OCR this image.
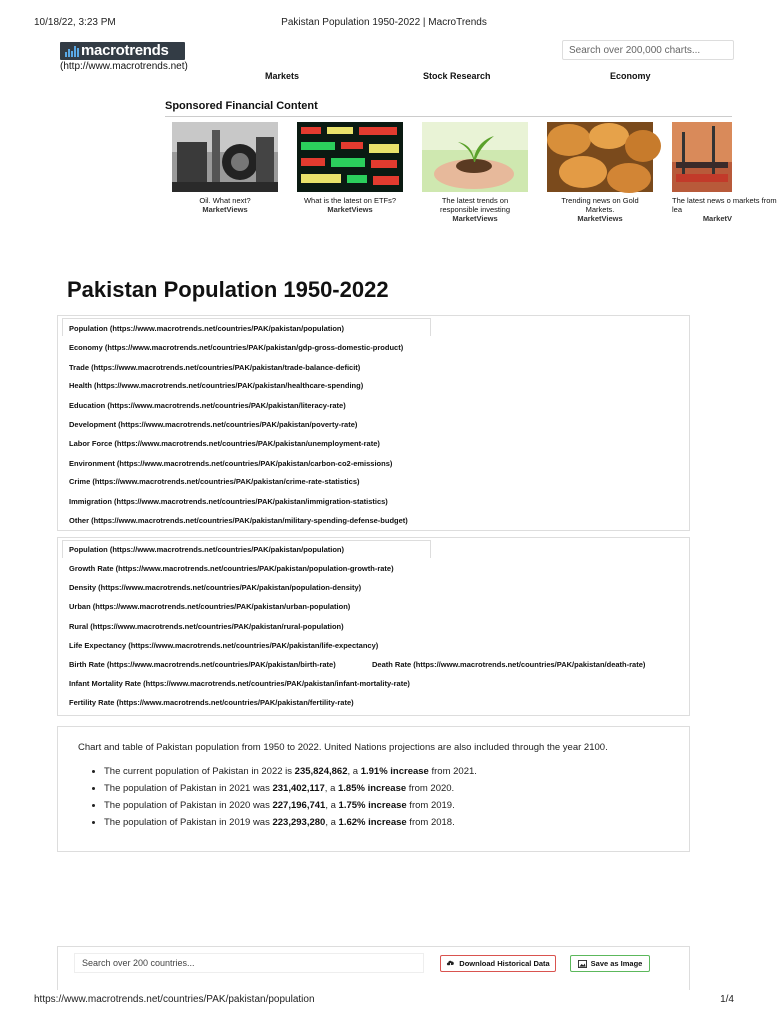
10/18/22, 3:23 PM	Pakistan Population 1950-2022 | MacroTrends
macrotrends
(http://www.macrotrends.net)
Search over 200,000 charts...
Markets	Stock Research	Economy
Sponsored Financial Content
Oil. What next?
MarketViews
What is the latest on ETFs?
MarketViews
The latest trends on responsible investing
MarketViews
Trending news on Gold Markets.
MarketViews
The latest news o markets from lea
MarketV
Pakistan Population 1950-2022
Population (https://www.macrotrends.net/countries/PAK/pakistan/population)
Economy (https://www.macrotrends.net/countries/PAK/pakistan/gdp-gross-domestic-product)
Trade (https://www.macrotrends.net/countries/PAK/pakistan/trade-balance-deficit)
Health (https://www.macrotrends.net/countries/PAK/pakistan/healthcare-spending)
Education (https://www.macrotrends.net/countries/PAK/pakistan/literacy-rate)
Development (https://www.macrotrends.net/countries/PAK/pakistan/poverty-rate)
Labor Force (https://www.macrotrends.net/countries/PAK/pakistan/unemployment-rate)
Environment (https://www.macrotrends.net/countries/PAK/pakistan/carbon-co2-emissions)
Crime (https://www.macrotrends.net/countries/PAK/pakistan/crime-rate-statistics)
Immigration (https://www.macrotrends.net/countries/PAK/pakistan/immigration-statistics)
Other (https://www.macrotrends.net/countries/PAK/pakistan/military-spending-defense-budget)
Population (https://www.macrotrends.net/countries/PAK/pakistan/population)
Growth Rate (https://www.macrotrends.net/countries/PAK/pakistan/population-growth-rate)
Density (https://www.macrotrends.net/countries/PAK/pakistan/population-density)
Urban (https://www.macrotrends.net/countries/PAK/pakistan/urban-population)
Rural (https://www.macrotrends.net/countries/PAK/pakistan/rural-population)
Life Expectancy (https://www.macrotrends.net/countries/PAK/pakistan/life-expectancy)
Birth Rate (https://www.macrotrends.net/countries/PAK/pakistan/birth-rate)	Death Rate (https://www.macrotrends.net/countries/PAK/pakistan/death-rate)
Infant Mortality Rate (https://www.macrotrends.net/countries/PAK/pakistan/infant-mortality-rate)
Fertility Rate (https://www.macrotrends.net/countries/PAK/pakistan/fertility-rate)

Chart and table of Pakistan population from 1950 to 2022. United Nations projections are also included through the year 2100.

• The current population of Pakistan in 2022 is 235,824,862, a 1.91% increase from 2021.
• The population of Pakistan in 2021 was 231,402,117, a 1.85% increase from 2020.
• The population of Pakistan in 2020 was 227,196,741, a 1.75% increase from 2019.
• The population of Pakistan in 2019 was 223,293,280, a 1.62% increase from 2018.
Search over 200 countries...
Download Historical Data	Save as Image
https://www.macrotrends.net/countries/PAK/pakistan/population	1/4
